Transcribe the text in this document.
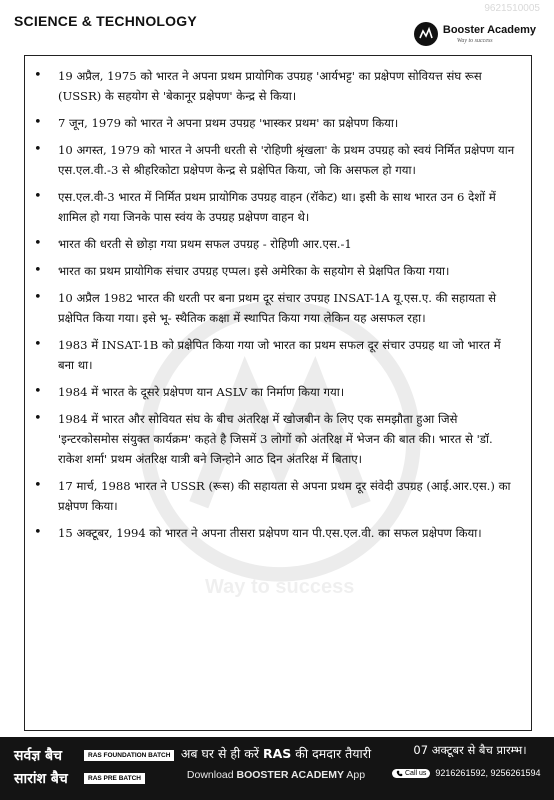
SCIENCE & TECHNOLOGY
9621510005
Booster Academy
Way to success
Way to success
• 19 अप्रैल, 1975 को भारत ने अपना प्रथम प्रायोगिक उपग्रह 'आर्यभट्ट' का प्रक्षेपण सोवियत्त संघ रूस (USSR) के सहयोग से 'बेकानूर प्रक्षेपण' केन्द्र से किया।
• 7 जून, 1979 को भारत ने अपना प्रथम उपग्रह 'भास्कर प्रथम' का प्रक्षेपण किया।
• 10 अगस्त, 1979 को भारत ने अपनी धरती से 'रोहिणी श्रृंखला' के प्रथम उपग्रह को स्वयं निर्मित प्रक्षेपण यान एस.एल.वी.-3 से श्रीहरिकोटा प्रक्षेपण केन्द्र से प्रक्षेपित किया, जो कि असफल हो गया।
• एस.एल.वी-3 भारत में निर्मित प्रथम प्रायोगिक उपग्रह वाहन (रॉकेट) था। इसी के साथ भारत उन 6 देशों में शामिल हो गया जिनके पास स्वंय के उपग्रह प्रक्षेपण वाहन थे।
• भारत की धरती से छोड़ा गया प्रथम सफल उपग्रह - रोहिणी आर.एस.-1
• भारत का प्रथम प्रायोगिक संचार उपग्रह एप्पल। इसे अमेरिका के सहयोग से प्रेक्षपित किया गया।
• 10 अप्रैल 1982 भारत की धरती पर बना प्रथम दूर संचार उपग्रह INSAT-1A यू.एस.ए. की सहायता से प्रक्षेपित किया गया। इसे भू- स्थैतिक कक्षा में स्थापित किया गया लेकिन यह असफल रहा।
• 1983 में INSAT-1B को प्रक्षेपित किया गया जो भारत का प्रथम सफल दूर संचार उपग्रह था जो भारत में बना था।
• 1984 में भारत के दूसरे प्रक्षेपण यान ASLV का निर्माण किया गया।
• 1984 में भारत और सोवियत संघ के बीच अंतरिक्ष में खोजबीन के लिए एक समझौता हुआ जिसे 'इन्टरकोसमोस संयुक्त कार्यक्रम' कहते है जिसमें 3 लोगों को अंतरिक्ष में भेजन की बात की। भारत से 'डॉ. राकेश शर्मा' प्रथम अंतरिक्ष यात्री बने जिन्होने आठ दिन अंतरिक्ष में बिताए।
• 17 मार्च, 1988 भारत ने USSR (रूस) की सहायता से अपना प्रथम दूर संवेदी उपग्रह (आई.आर.एस.) का प्रक्षेपण किया।
• 15 अक्टूबर, 1994 को भारत ने अपना तीसरा प्रक्षेपण यान पी.एस.एल.वी. का सफल प्रक्षेपण किया।
सर्वज्ञ बैच	RAS FOUNDATION BATCH
सारांश बैच	RAS PRE BATCH
अब घर से ही करें RAS की दमदार तैयारी
Download BOOSTER ACADEMY App
07 अक्टूबर से बैच प्रारम्भ।
Call us 9216261592, 9256261594
